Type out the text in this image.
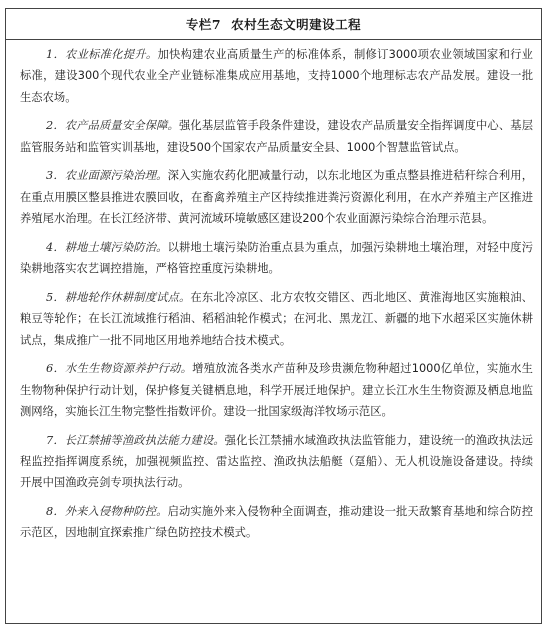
专栏7 农村生态文明建设工程

1．农业标准化提升。加快构建农业高质量生产的标准体系，制修订3000项农业领域国家和行业标准，建设300个现代农业全产业链标准集成应用基地，支持1000个地理标志农产品发展。建设一批生态农场。

2．农产品质量安全保障。强化基层监管手段条件建设，建设农产品质量安全指挥调度中心、基层监管服务站和监管实训基地，建设500个国家农产品质量安全县、1000个智慧监管试点。

3．农业面源污染治理。深入实施农药化肥减量行动，以东北地区为重点整县推进秸秆综合利用，在重点用膜区整县推进农膜回收，在畜禽养殖主产区持续推进粪污资源化利用，在水产养殖主产区推进养殖尾水治理。在长江经济带、黄河流域环境敏感区建设200个农业面源污染综合治理示范县。

4．耕地土壤污染防治。以耕地土壤污染防治重点县为重点，加强污染耕地土壤治理，对轻中度污染耕地落实农艺调控措施，严格管控重度污染耕地。

5．耕地轮作休耕制度试点。在东北冷凉区、北方农牧交错区、西北地区、黄淮海地区实施粮油、粮豆等轮作；在长江流域推行稻油、稻稻油轮作模式；在河北、黑龙江、新疆的地下水超采区实施休耕试点，集成推广一批不同地区用地养地结合技术模式。

6．水生生物资源养护行动。增殖放流各类水产苗种及珍贵濒危物种超过1000亿单位，实施水生生物物种保护行动计划，保护修复关键栖息地，科学开展迁地保护。建立长江水生生物资源及栖息地监测网络，实施长江生物完整性指数评价。建设一批国家级海洋牧场示范区。

7．长江禁捕等渔政执法能力建设。强化长江禁捕水域渔政执法监管能力，建设统一的渔政执法远程监控指挥调度系统，加强视频监控、雷达监控、渔政执法船艇（趸船）、无人机设施设备建设。持续开展中国渔政亮剑专项执法行动。

8．外来入侵物种防控。启动实施外来入侵物种全面调查，推动建设一批天敌繁育基地和综合防控示范区，因地制宜探索推广绿色防控技术模式。
